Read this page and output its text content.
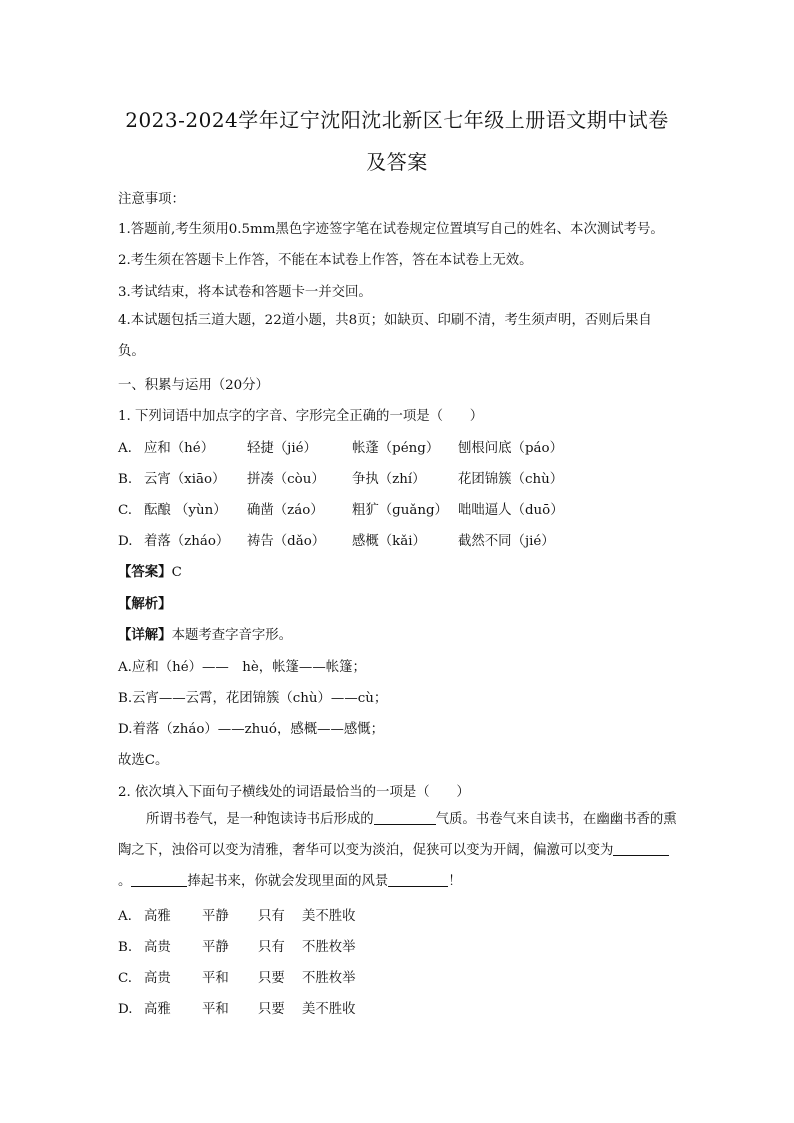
2023-2024学年辽宁沈阳沈北新区七年级上册语文期中试卷
及答案
注意事项：
1.答题前,考生须用0.5mm黑色字迹签字笔在试卷规定位置填写自己的姓名、本次测试考号。
2.考生须在答题卡上作答，不能在本试卷上作答，答在本试卷上无效。
3.考试结束，将本试卷和答题卡一并交回。
4.本试题包括三道大题，22道小题，共8页；如缺页、印刷不清，考生须声明，否则后果自负。
一、积累与运用（20分）
1. 下列词语中加点字的字音、字形完全正确的一项是（　　）
A. 应和（hé） 轻捷（jié）	帐蓬（péng） 刨根问底（páo）
B. 云宵（xiāo） 拼凑（còu） 争执（zhí） 花团锦簇（chù）
C. 酝酿 （yùn） 确凿（záo） 粗犷（ɡuǎng） 咄咄逼人（duō）
D. 着落（zháo） 祷告（dǎo） 感概（kǎi） 截然不同（jié）
【答案】C
【解析】
【详解】本题考查字音字形。
A.应和（hé）——　hè，帐篷——帐篷；
B.云宵——云霄，花团锦簇（chù）——cù；
D.着落（zháo）——zhuó，感概——感慨；
故选C。
2. 依次填入下面句子横线处的词语最恰当的一项是（　　）
所谓书卷气，是一种饱读诗书后形成的	气质。书卷气来自读书，在幽幽书香的熏陶之下，浊俗可以变为清雅，奢华可以变为淡泊，促狭可以变为开阔，偏激可以变为。	捧起书来，你就会发现里面的风景	！
A. 高雅 平静 只有 美不胜收
B. 高贵 平静 只有 不胜枚举
C. 高贵 平和 只要 不胜枚举
D. 高雅 平和 只要 美不胜收
